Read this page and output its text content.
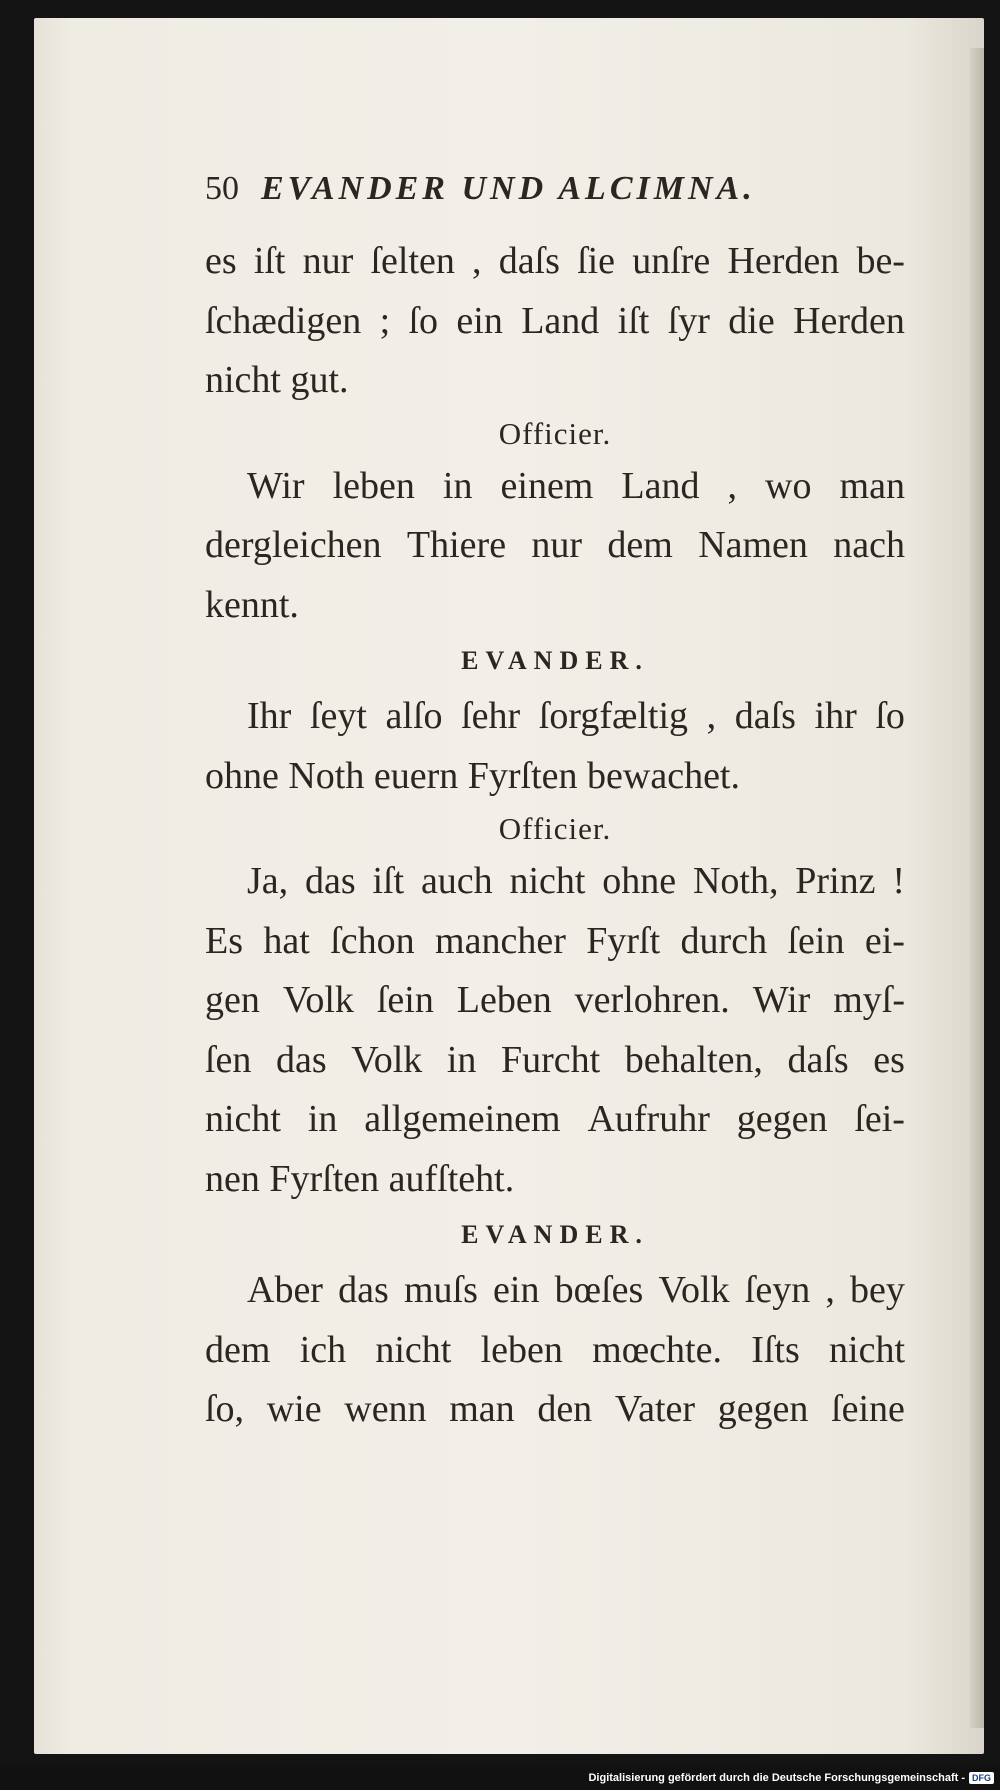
50 EVANDER UND ALCIMNA.
es iſt nur ſelten , daſs ſie unſre Herden be-
ſchædigen ; ſo ein Land iſt ſyr die Herden
nicht gut.
Officier.
Wir leben in einem Land , wo man
dergleichen Thiere nur dem Namen nach
kennt.
EVANDER.
Ihr ſeyt alſo ſehr ſorgfæltig , daſs ihr ſo
ohne Noth euern Fyrſten bewachet.
Officier.
Ja, das iſt auch nicht ohne Noth, Prinz !
Es hat ſchon mancher Fyrſt durch ſein ei-
gen Volk ſein Leben verlohren. Wir myſ-
ſen das Volk in Furcht behalten, daſs es
nicht in allgemeinem Aufruhr gegen ſei-
nen Fyrſten aufſteht.
EVANDER.
Aber das muſs ein bœſes Volk ſeyn , bey
dem ich nicht leben mœchte. Iſts nicht
ſo, wie wenn man den Vater gegen ſeine
Digitalisierung gefördert durch die Deutsche Forschungsgemeinschaft - DFG
